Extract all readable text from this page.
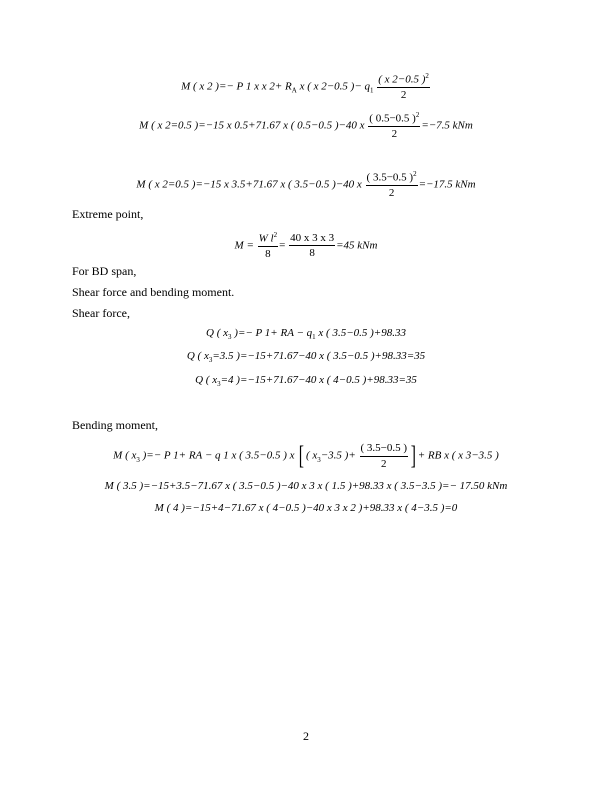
M ( x 2 )=− P 1 x x $2+ R_A$ x ( x 2−0.5 )− $q_1 \frac{( x 2-0.5 )^2}{2}$
M ( x 2=0.5 )=−15 x 0.5+71.67 x ( 0.5−0.5 )−40 x $\frac{( 0.5-0.5 )^2}{2} =-7.5$ kNm
M ( x 2=0.5 )=−15 x 3.5+71.67 x ( 3.5−0.5 )−40 x $\frac{( 3.5-0.5 )^2}{2} =-17.5$ kNm
Extreme point,
$M = \frac{W l^2}{8} = \frac{40 x 3 x 3}{8} =45$ kNm
For BD span,
Shear force and bending moment.
Shear force,
Q ( $x_3$ )=− P 1+ RA − $q_1$ x ( 3.5−0.5 )+98.33
Q ( $x_3=3.5$ )=−15+71.67−40 x ( 3.5−0.5 )+98.33=35
Q ( $x_3=4$ )=−15+71.67−40 x ( 4−0.5 )+98.33=35
Bending moment,
M ( $x_3$ )=− P 1+ RA − q 1 x ( 3.5−0.5 ) x [ ( $x_3-3.5$ )+ $\frac{( 3.5-0.5 )}{2}$ ] + RB x ( x 3−3.5 )
M ( 3.5 )=−15+3.5−71.67 x ( 3.5−0.5 )−40 x 3 x ( 1.5 )+98.33 x ( 3.5−3.5 )=− 17.50 kNm
M ( 4 )=−15+4−71.67 x ( 4−0.5 )−40 x 3 x 2 )+98.33 x ( 4−3.5 )=0
2
